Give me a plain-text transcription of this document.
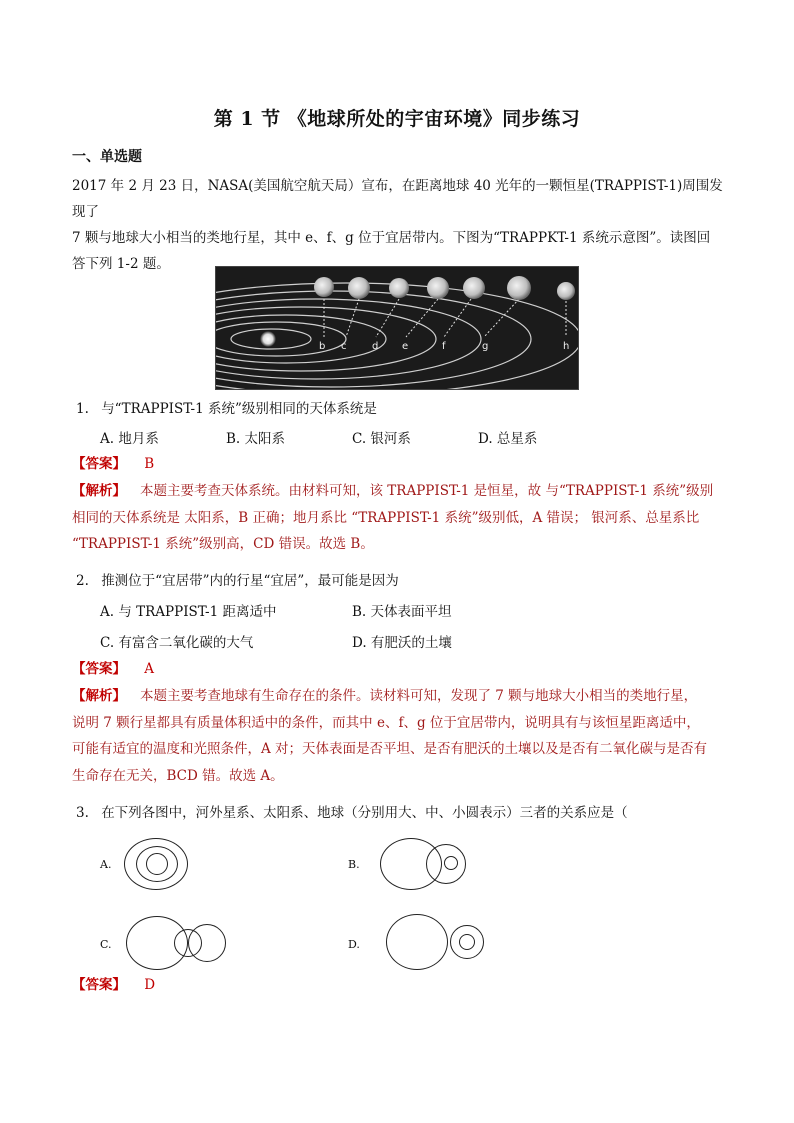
第 1 节 《地球所处的宇宙环境》同步练习
一、单选题
2017 年 2 月 23 日，NASA(美国航空航天局）宣布，在距离地球 40 光年的一颗恒星(TRAPPIST-1)周围发现了
7 颗与地球大小相当的类地行星，其中 e、f、g 位于宜居带内。下图为“TRAPPKT-1 系统示意图”。读图回
答下列 1-2 题。
b c	d e	f	g	h
1. 与“TRAPPIST-1 系统”级别相同的天体系统是
A. 地月系	B. 太阳系	C. 银河系	D. 总星系
【答案】 B
【解析】 本题主要考查天体系统。由材料可知，该 TRAPPIST-1 是恒星，故 与“TRAPPIST-1 系统”级别
相同的天体系统是 太阳系，B 正确；地月系比 “TRAPPIST-1 系统”级别低，A 错误； 银河系、总星系比
“TRAPPIST-1 系统”级别高，CD 错误。故选 B。
2. 推测位于“宜居带”内的行星“宜居”，最可能是因为
A. 与 TRAPPIST-1 距离适中	B. 天体表面平坦
C. 有富含二氧化碳的大气	D. 有肥沃的土壤
【答案】 A
【解析】 本题主要考查地球有生命存在的条件。读材料可知，发现了 7 颗与地球大小相当的类地行星，
说明 7 颗行星都具有质量体积适中的条件，而其中 e、f、g 位于宜居带内，说明具有与该恒星距离适中，
可能有适宜的温度和光照条件，A 对；天体表面是否平坦、是否有肥沃的土壤以及是否有二氧化碳与是否有
生命存在无关，BCD 错。故选 A。
3. 在下列各图中，河外星系、太阳系、地球（分别用大、中、小圆表示）三者的关系应是（
A.	B.
C.	D.
【答案】 D
